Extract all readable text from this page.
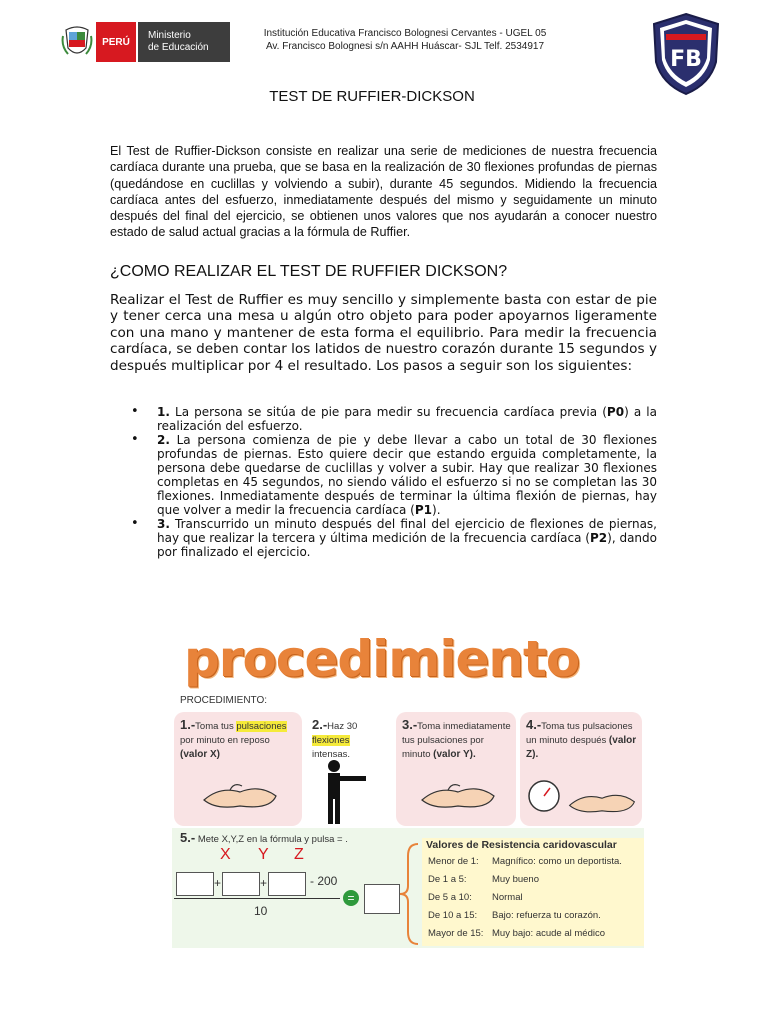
PERÚ
Ministerio
de Educación
Institución Educativa Francisco Bolognesi Cervantes - UGEL 05
Av. Francisco Bolognesi s/n AAHH Huáscar- SJL Telf. 2534917
FB
TEST DE RUFFIER-DICKSON
El Test de Ruffier-Dickson consiste en realizar una serie de mediciones de nuestra frecuencia cardíaca durante una prueba, que se basa en la realización de 30 flexiones profundas de piernas (quedándose en cuclillas y volviendo a subir), durante 45 segundos. Midiendo la frecuencia cardíaca antes del esfuerzo, inmediatamente después del mismo y seguidamente un minuto después del final del ejercicio, se obtienen unos valores que nos ayudarán a conocer nuestro estado de salud actual gracias a la fórmula de Ruffier.
¿COMO REALIZAR EL TEST DE RUFFIER DICKSON?
Realizar el Test de Ruffier es muy sencillo y simplemente basta con estar de pie y tener cerca una mesa u algún otro objeto para poder apoyarnos ligeramente con una mano y mantener de esta forma el equilibrio. Para medir la frecuencia cardíaca, se deben contar los latidos de nuestro corazón durante 15 segundos y después multiplicar por 4 el resultado. Los pasos a seguir son los siguientes:
• 1. La persona se sitúa de pie para medir su frecuencia cardíaca previa (P0) a la realización del esfuerzo.
• 2. La persona comienza de pie y debe llevar a cabo un total de 30 flexiones profundas de piernas. Esto quiere decir que estando erguida completamente, la persona debe quedarse de cuclillas y volver a subir. Hay que realizar 30 flexiones completas en 45 segundos, no siendo válido el esfuerzo si no se completan las 30 flexiones. Inmediatamente después de terminar la última flexión de piernas, hay que volver a medir la frecuencia cardíaca (P1).
• 3. Transcurrido un minuto después del final del ejercicio de flexiones de piernas, hay que realizar la tercera y última medición de la frecuencia cardíaca (P2), dando por finalizado el ejercicio.
procedimiento
PROCEDIMIENTO:
1.-Toma tus pulsaciones por minuto en reposo (valor X)
2.-Haz 30 flexiones intensas.
3.-Toma inmediatamente tus pulsaciones por minuto (valor Y).
4.-Toma tus pulsaciones un minuto después (valor Z).
5.- Mete X,Y,Z en la fórmula y pulsa = .
X Y Z
+	+	- 200
10
=
Valores de Resistencia caridovascular
Menor de 1: Magnífico: como un deportista.
De 1 a 5:	Muy bueno
De 5 a 10: Normal
De 10 a 15: Bajo: refuerza tu corazón.
Mayor de 15: Muy bajo: acude al médico
